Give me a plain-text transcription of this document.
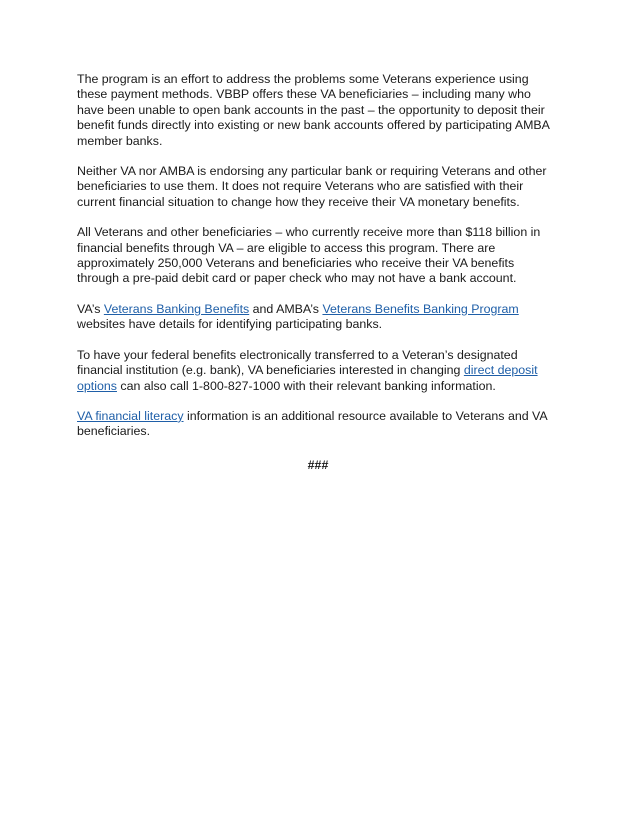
The program is an effort to address the problems some Veterans experience using these payment methods. VBBP offers these VA beneficiaries – including many who have been unable to open bank accounts in the past – the opportunity to deposit their benefit funds directly into existing or new bank accounts offered by participating AMBA member banks.

Neither VA nor AMBA is endorsing any particular bank or requiring Veterans and other beneficiaries to use them. It does not require Veterans who are satisfied with their current financial situation to change how they receive their VA monetary benefits.

All Veterans and other beneficiaries – who currently receive more than $118 billion in financial benefits through VA – are eligible to access this program. There are approximately 250,000 Veterans and beneficiaries who receive their VA benefits through a pre-paid debit card or paper check who may not have a bank account.

VA’s Veterans Banking Benefits and AMBA’s Veterans Benefits Banking Program websites have details for identifying participating banks.

To have your federal benefits electronically transferred to a Veteran’s designated financial institution (e.g. bank), VA beneficiaries interested in changing direct deposit options can also call 1-800-827-1000 with their relevant banking information.

VA financial literacy information is an additional resource available to Veterans and VA beneficiaries.

###
